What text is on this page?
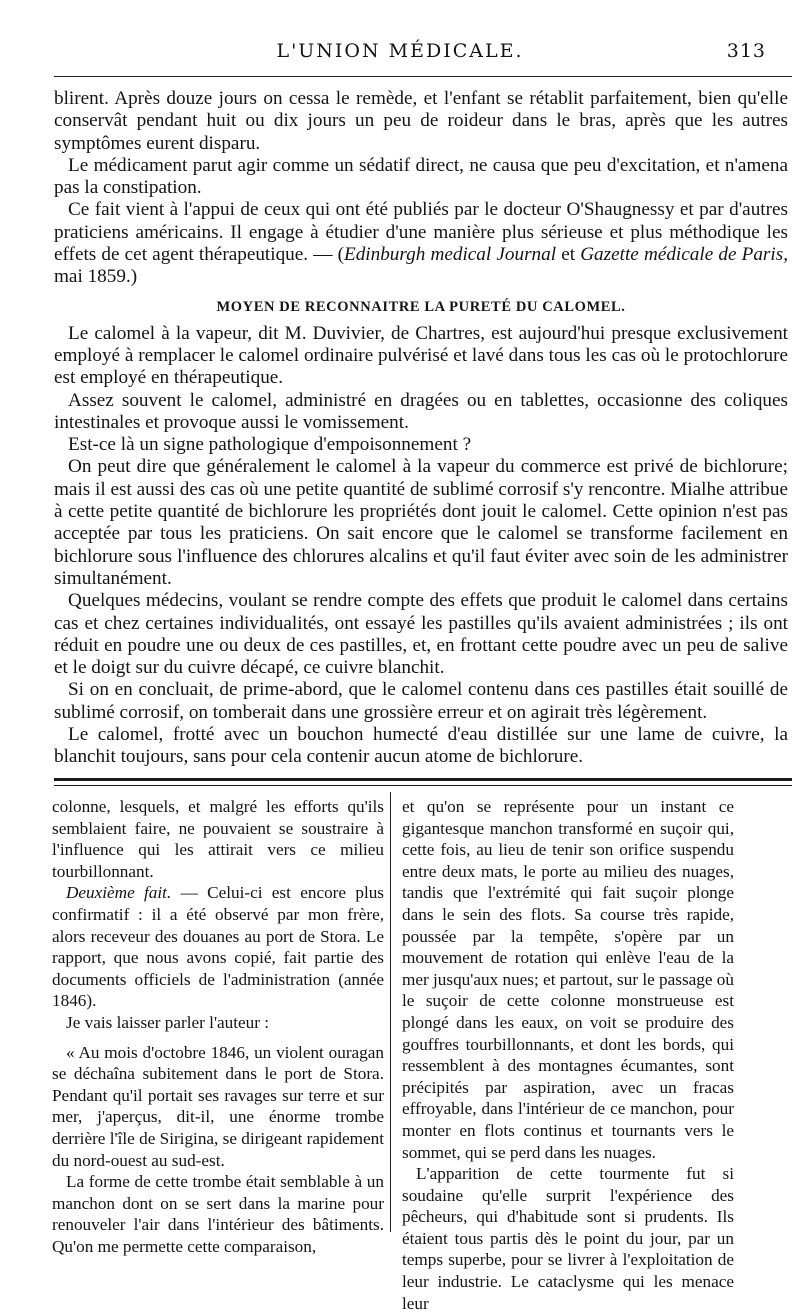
L'UNION MÉDICALE.	313

blirent. Après douze jours on cessa le remède, et l'enfant se rétablit parfaitement, bien qu'elle conservât pendant huit ou dix jours un peu de roideur dans le bras, après que les autres symptômes eurent disparu.

Le médicament parut agir comme un sédatif direct, ne causa que peu d'excitation, et n'amena pas la constipation.

Ce fait vient à l'appui de ceux qui ont été publiés par le docteur O'Shaugnessy et par d'autres praticiens américains. Il engage à étudier d'une manière plus sérieuse et plus méthodique les effets de cet agent thérapeutique. — (Edinburgh medical Journal et Gazette médicale de Paris, mai 1859.)

MOYEN DE RECONNAITRE LA PURETÉ DU CALOMEL.

Le calomel à la vapeur, dit M. Duvivier, de Chartres, est aujourd'hui presque exclusivement employé à remplacer le calomel ordinaire pulvérisé et lavé dans tous les cas où le protochlorure est employé en thérapeutique.

Assez souvent le calomel, administré en dragées ou en tablettes, occasionne des coliques intestinales et provoque aussi le vomissement.

Est-ce là un signe pathologique d'empoisonnement ?

On peut dire que généralement le calomel à la vapeur du commerce est privé de bichlorure; mais il est aussi des cas où une petite quantité de sublimé corrosif s'y rencontre. Mialhe attribue à cette petite quantité de bichlorure les propriétés dont jouit le calomel. Cette opinion n'est pas acceptée par tous les praticiens. On sait encore que le calomel se transforme facilement en bichlorure sous l'influence des chlorures alcalins et qu'il faut éviter avec soin de les administrer simultanément.

Quelques médecins, voulant se rendre compte des effets que produit le calomel dans certains cas et chez certaines individualités, ont essayé les pastilles qu'ils avaient administrées ; ils ont réduit en poudre une ou deux de ces pastilles, et, en frottant cette poudre avec un peu de salive et le doigt sur du cuivre décapé, ce cuivre blanchit.

Si on en concluait, de prime-abord, que le calomel contenu dans ces pastilles était souillé de sublimé corrosif, on tomberait dans une grossière erreur et on agirait très légèrement.

Le calomel, frotté avec un bouchon humecté d'eau distillée sur une lame de cuivre, la blanchit toujours, sans pour cela contenir aucun atome de bichlorure.

colonne, lesquels, et malgré les efforts qu'ils semblaient faire, ne pouvaient se soustraire à l'influence qui les attirait vers ce milieu tourbillonnant.

Deuxième fait. — Celui-ci est encore plus confirmatif : il a été observé par mon frère, alors receveur des douanes au port de Stora. Le rapport, que nous avons copié, fait partie des documents officiels de l'administration (année 1846).

Je vais laisser parler l'auteur :

« Au mois d'octobre 1846, un violent ouragan se déchaîna subitement dans le port de Stora. Pendant qu'il portait ses ravages sur terre et sur mer, j'aperçus, dit-il, une énorme trombe derrière l'île de Sirigina, se dirigeant rapidement du nord-ouest au sud-est.

La forme de cette trombe était semblable à un manchon dont on se sert dans la marine pour renouveler l'air dans l'intérieur des bâtiments. Qu'on me permette cette comparaison,

et qu'on se représente pour un instant ce gigantesque manchon transformé en suçoir qui, cette fois, au lieu de tenir son orifice suspendu entre deux mats, le porte au milieu des nuages, tandis que l'extrémité qui fait suçoir plonge dans le sein des flots. Sa course très rapide, poussée par la tempête, s'opère par un mouvement de rotation qui enlève l'eau de la mer jusqu'aux nues; et partout, sur le passage où le suçoir de cette colonne monstrueuse est plongé dans les eaux, on voit se produire des gouffres tourbillonnants, et dont les bords, qui ressemblent à des montagnes écumantes, sont précipités par aspiration, avec un fracas effroyable, dans l'intérieur de ce manchon, pour monter en flots continus et tournants vers le sommet, qui se perd dans les nuages.

L'apparition de cette tourmente fut si soudaine qu'elle surprit l'expérience des pêcheurs, qui d'habitude sont si prudents. Ils étaient tous partis dès le point du jour, par un temps superbe, pour se livrer à l'exploitation de leur industrie. Le cataclysme qui les menace leur
